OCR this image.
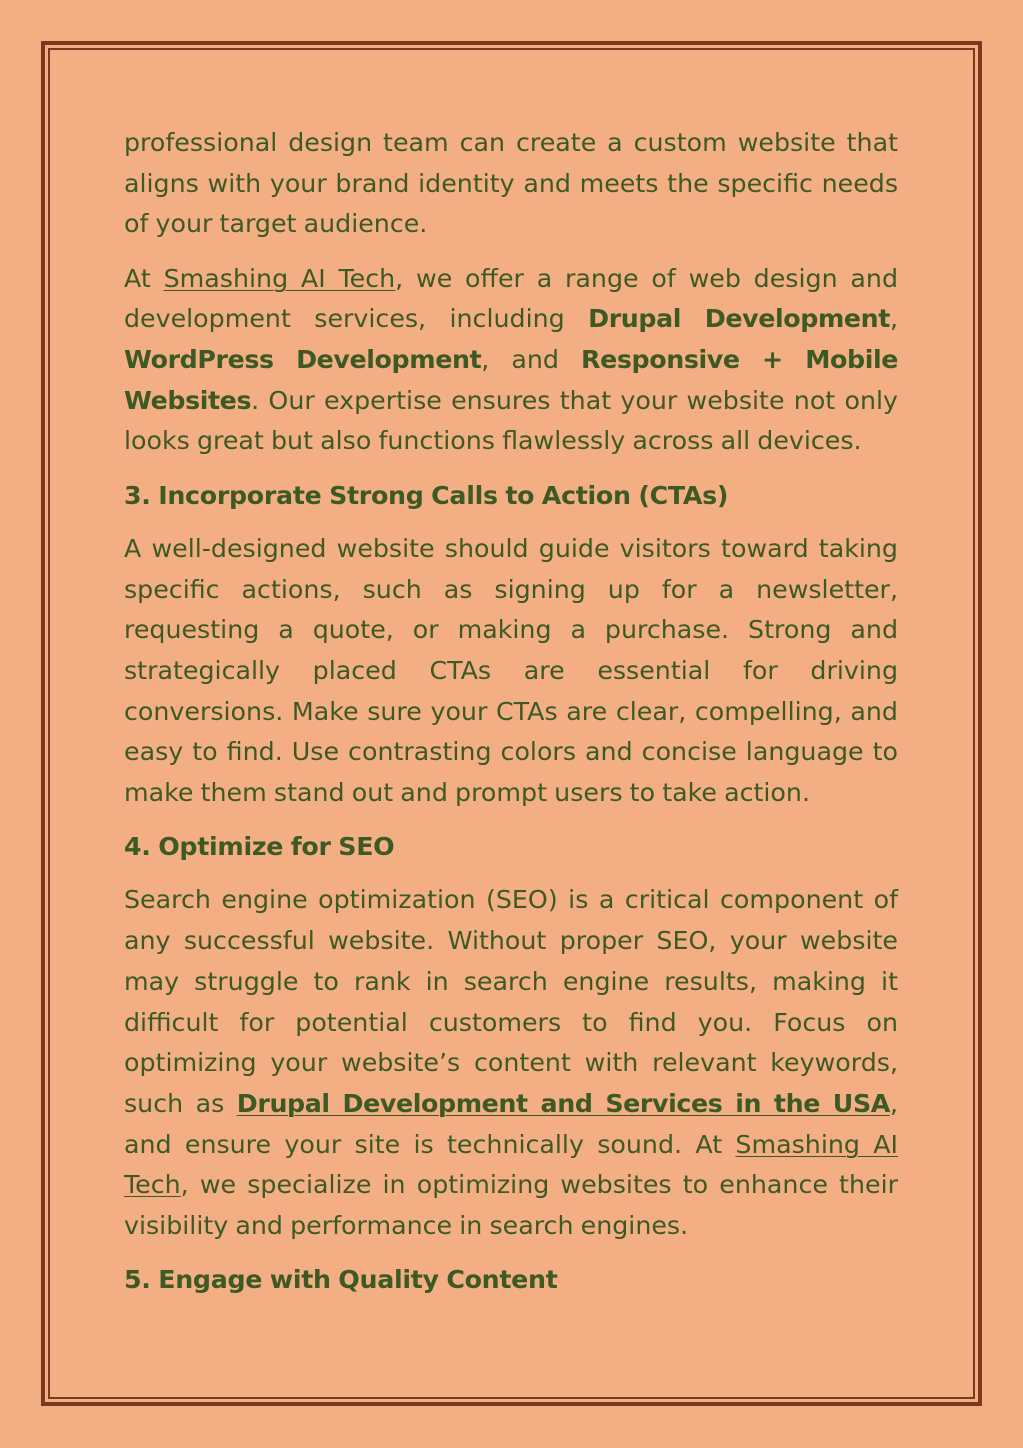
professional design team can create a custom website that aligns with your brand identity and meets the specific needs of your target audience.

At Smashing AI Tech, we offer a range of web design and development services, including Drupal Development, WordPress Development, and Responsive + Mobile Websites. Our expertise ensures that your website not only looks great but also functions flawlessly across all devices.

3. Incorporate Strong Calls to Action (CTAs)

A well-designed website should guide visitors toward taking specific actions, such as signing up for a newsletter, requesting a quote, or making a purchase. Strong and strategically placed CTAs are essential for driving conversions. Make sure your CTAs are clear, compelling, and easy to find. Use contrasting colors and concise language to make them stand out and prompt users to take action.

4. Optimize for SEO

Search engine optimization (SEO) is a critical component of any successful website. Without proper SEO, your website may struggle to rank in search engine results, making it difficult for potential customers to find you. Focus on optimizing your website’s content with relevant keywords, such as Drupal Development and Services in the USA, and ensure your site is technically sound. At Smashing AI Tech, we specialize in optimizing websites to enhance their visibility and performance in search engines.

5. Engage with Quality Content
